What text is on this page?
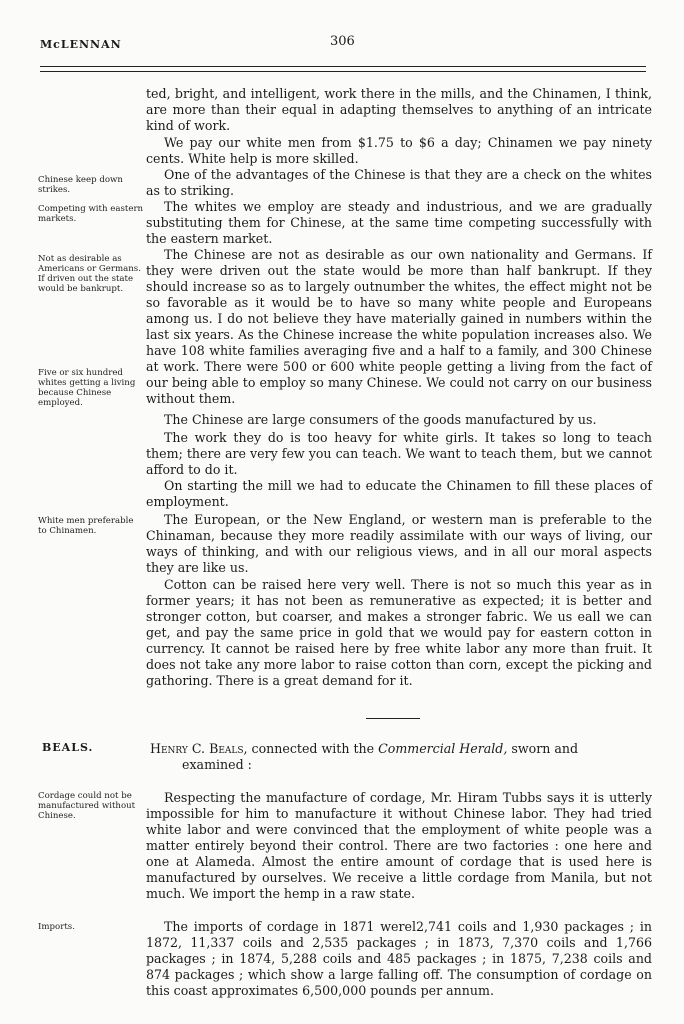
McLENNAN	306

ted, bright, and intelligent, work there in the mills, and the Chinamen, I think, are more than their equal in adapting themselves to anything of an intricate kind of work.

We pay our white men from $1.75 to $6 a day; Chinamen we pay ninety cents. White help is more skilled.

One of the advantages of the Chinese is that they are a check on the whites as to striking.

The whites we employ are steady and industrious, and we are gradually substituting them for Chinese, at the same time competing successfully with the eastern market.

The Chinese are not as desirable as our own nationality and Germans. If they were driven out the state would be more than half bankrupt. If they should increase so as to largely outnumber the whites, the effect might not be so favorable as it would be to have so many white people and Europeans among us. I do not believe they have materially gained in numbers within the last six years. As the Chinese increase the white population increases also. We have 108 white families averaging five and a half to a family, and 300 Chinese at work. There were 500 or 600 white people getting a living from the fact of our being able to employ so many Chinese. We could not carry on our business without them.

The Chinese are large consumers of the goods manufactured by us.

The work they do is too heavy for white girls. It takes so long to teach them; there are very few you can teach. We want to teach them, but we cannot afford to do it.

On starting the mill we had to educate the Chinamen to fill these places of employment.

The European, or the New England, or western man is preferable to the Chinaman, because they more readily assimilate with our ways of living, our ways of thinking, and with our religious views, and in all our moral aspects they are like us.

Cotton can be raised here very well. There is not so much this year as in former years; it has not been as remunerative as expected; it is better and stronger cotton, but coarser, and makes a stronger fabric. We us eall we can get, and pay the same price in gold that we would pay for eastern cotton in currency. It cannot be raised here by free white labor any more than fruit. It does not take any more labor to raise cotton than corn, except the picking and gathoring. There is a great demand for it.

Chinese keep down strikes.
Competing with eastern markets.
Not as desirable as Americans or Germans. If driven out the state would be bankrupt.
Five or six hundred whites getting a living because Chinese employed.
White men preferable to Chinamen.
BEALS.	Henry C. Beals, connected with the Commercial Herald, sworn and
examined :

Respecting the manufacture of cordage, Mr. Hiram Tubbs says it is utterly impossible for him to manufacture it without Chinese labor. They had tried white labor and were convinced that the employment of white people was a matter entirely beyond their control. There are two factories : one here and one at Alameda. Almost the entire amount of cordage that is used here is manufactured by ourselves. We receive a little cordage from Manila, but not much. We import the hemp in a raw state.

The imports of cordage in 1871 werel2,741 coils and 1,930 packages ; in 1872, 11,337 coils and 2,535 packages ; in 1873, 7,370 coils and 1,766 packages ; in 1874, 5,288 coils and 485 packages ; in 1875, 7,238 coils and 874 packages ; which show a large falling off. The consumption of cordage on this coast approximates 6,500,000 pounds per annum.

Cordage could not be manufactured without Chinese.
Imports.
